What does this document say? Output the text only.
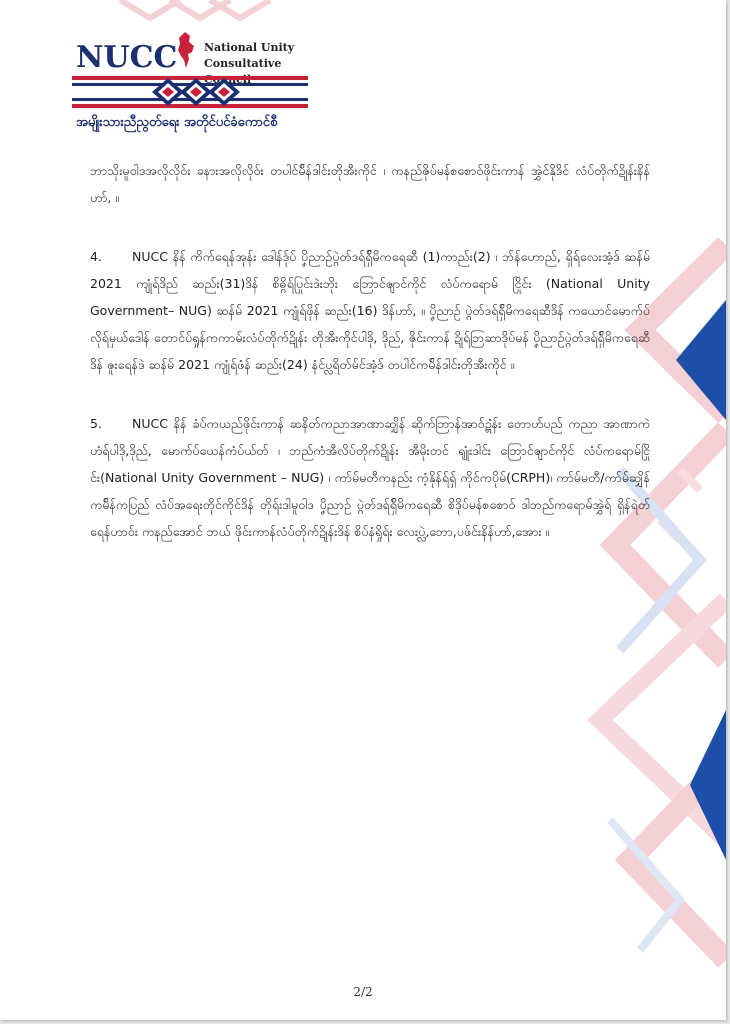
NUCC National Unity
Consultative
အမျိုးသားညီညွတ်ရေး အတိုင်ပင်ခံကောင်စီ

ဘာသိုးမူဝါဒအလိုလိုဝ်း ခနားအလိုလိုဝ်း တပါင်မ်ိန်ဒါင်းတိုအီးကိုင် ၊ ကနည်ဇိုပ်မန်စစောဝ်ဖိုင်းကာန် အွှဲင်နိုဒိင် လံပ်တိုက်ဍိုန်းနိန်ဟာ်, ။

4. NUCC နိန် ကိက်ရေန်အုန်း ဒေါန်ဒ်ုပ် ပၞိညာဉ်ပ္ဂဲတ်ဒရ်ရှ်ိမိကရေဆီ (1)ကာည်း(2) ၊ ဘ်န်ဟောည်, ရှိရ်လေးအံ့ဒ် ဆန်မ် 2021 ကျုံရ်ဒိည် ဆည်း(31)ဒိန် စိဓ္ဂိရ်ပြုင်းဒဲးဘိုး ဘြောင်ဇျာင်ကိုင် လံပ်ကရောမ် ငြိုင်း (National Unity Government– NUG) ဆန်မ် 2021 ကျုံရ်ဖိုန် ဆည်း(16) ဒိန်ဟာ်, ။ ပၞိညာဉ် ပ္ဂဲတ်ဒရ်ရှ်ိမိကရေဆီဒိန် ကယောင်မောက်ပ်လိုရ်မှယ်ဒေါန် တောင်ပ်ရှုန်ကကာမ်းလံပ်တိုက်ဍိုန်း တိုအီးကိုင်ပါဒို, ဒိုည်, ဇိုင်းကာန် ဍိုရ်ဘြဆာဒိုပ်မန် ပၞိညာဉ်ပ္ဂဲတ်ဒရ်ရှ်ိမိကရေဆီဒိန် ဇူးရေန်ဒဲ ဆန်မ် 2021 ကျုံရ်ဖံန် ဆည်း(24) နံင်ပ္လရိတ်မ်င်အံ့ဒ် တပါင်ကမ်ိန်ဒါင်းတိုအီးကိုင် ။

5. NUCC နိန် ခံပ်ကယည်ဖိုင်းကာန် ဆနိတ်ကညာအာဏာဆျှိန် ဆိုက်ဘြာန်အာဝ်ဍွံန်း တောဟ်ပည် ကညာ အာဏာကဲဟံရ်ပါဒို,ဒိုည်, မောက်ပ်ယေန်ကံပ်ယ်တ် ၊ ဘည်ကံအီလိပ်တိုက်ဍိုန်း အီမိုးတင် ရျုံးဒါင်း ဘြောင်ဇျာင်ကိုင် လံပ်ကရောမ်ငြိုင်း(National Unity Government – NUG) ၊ ကာ်မ်မတီကနည်း ကံ့နိုန်ရ်ရှ် ကိုင်ကပိုမ်(CRPH)၊ ကာ်မ်မတီ/ကာ်မ်ဆျှိန် ကမ်ိန်ကပြည် လံပ်အရေးတိုင်ကိုင်ဒိန် တိုရ်းဒါမူဝါဒ ပၞိညာဉ် ပ္ဂဲတ်ဒရ်ရှ်ိမိကရေဆီ စိဒိုပ်မန်စစောဝ် ဒါဘည်ကရောမ်အွှဲရ် ရှိန်ရဲတ်ရေန်ဟာဝ်း ကနည်အောင် ဘယ် ဖိုင်းကာန်လံပ်တိုက်ဍိုန်းဒိန် စိပ်နံရှိုရ်း လေးပ္လဲ,ဘော,ပဖ်င်းနိန်ဟာ်,အေား ။

2/2
